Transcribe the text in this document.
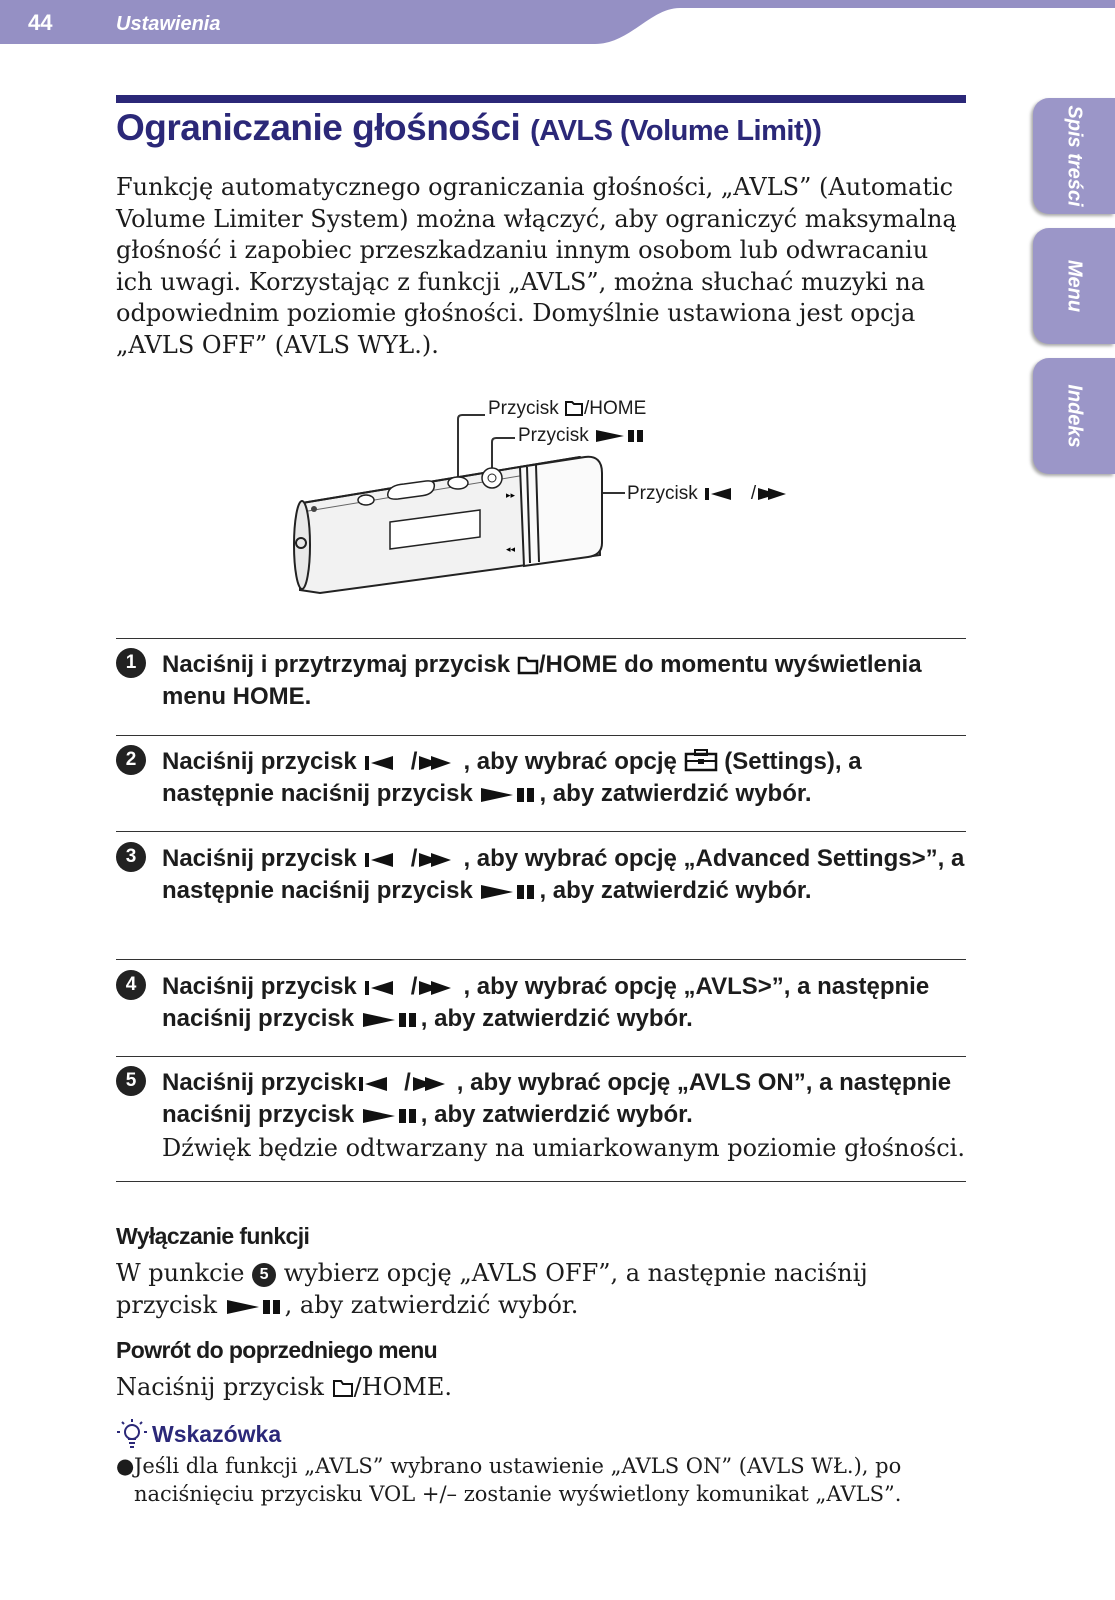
44	Ustawienia
Spis treści
Menu
Indeks
Ograniczanie głośności (AVLS (Volume Limit))

Funkcję automatycznego ograniczania głośności, „AVLS” (Automatic Volume Limiter System) można włączyć, aby ograniczyć maksymalną głośność i zapobiec przeszkadzaniu innym osobom lub odwracaniu ich uwagi. Korzystając z funkcji „AVLS”, można słuchać muzyki na odpowiednim poziomie głośności. Domyślnie ustawiona jest opcja „AVLS OFF” (AVLS WYŁ.).

▸▸
◂◂
Przycisk /HOME
Przycisk
Przycisk	/
1	Naciśnij i przytrzymaj przycisk /HOME do momentu wyświetlenia menu HOME.

2	Naciśnij przycisk   / , aby wybrać opcję  (Settings), a następnie naciśnij przycisk	, aby zatwierdzić wybór.

3	Naciśnij przycisk   / , aby wybrać opcję „Advanced Settings>”, a następnie naciśnij przycisk	, aby zatwierdzić wybór.

4	Naciśnij przycisk   / , aby wybrać opcję „AVLS>”, a następnie naciśnij przycisk	, aby zatwierdzić wybór.

5	Naciśnij przycisk / , aby wybrać opcję „AVLS ON”, a następnie naciśnij przycisk	, aby zatwierdzić wybór.

Dźwięk będzie odtwarzany na umiarkowanym poziomie głośności.

Wyłączanie funkcji

W punkcie 5 wybierz opcję „AVLS OFF”, a następnie naciśnij przycisk	, aby zatwierdzić wybór.

Powrót do poprzedniego menu

Naciśnij przycisk /HOME.

Wskazówka

● Jeśli dla funkcji „AVLS” wybrano ustawienie „AVLS ON” (AVLS WŁ.), po naciśnięciu przycisku VOL +/– zostanie wyświetlony komunikat „AVLS”.
